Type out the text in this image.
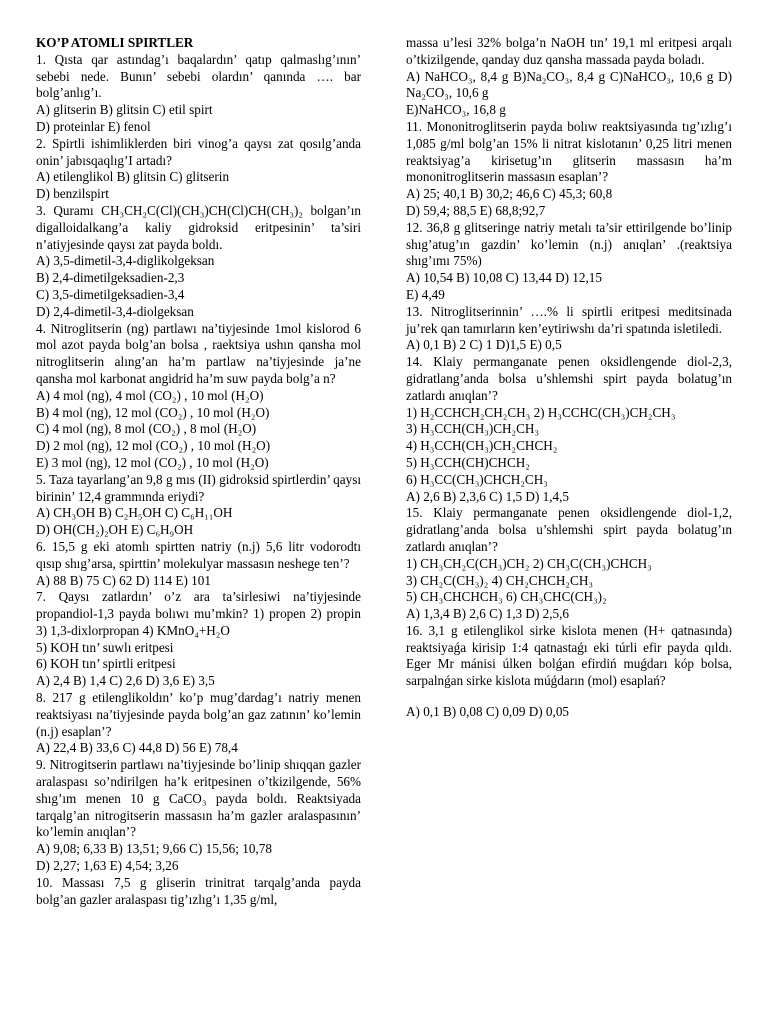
KO’P ATOMLI SPIRTLER
1. Qısta qar astındag’ı baqalardın’ qatıp qalmaslıg’ının’ sebebi nede. Bunın’ sebebi olardın’ qanında …. bar bolg’anlıg’ı.
A) glitserin B) glitsin C) etil spirt
D) proteinlar E) fenol
2. Spirtli ishimliklerden biri vinog’a qaysı zat qosılg’anda onin’ jabısqaqlıg’I artadı?
A) etilenglikol B) glitsin C) glitserin
D) benzilspirt
3. Quramı CH₃CH₂C(Cl)(CH₃)CH(Cl)CH(CH₃)₂ bolgan’ın digalloidalkang’a kaliy gidroksid eritpesinin’ ta’siri n’atiyjesinde qaysı zat payda boldı.
A) 3,5-dimetil-3,4-diglikolgeksan
B) 2,4-dimetilgeksadien-2,3
C) 3,5-dimetilgeksadien-3,4
D) 2,4-dimetil-3,4-diolgeksan
4. Nitroglitserin (ng) partlawı na’tiyjesinde 1mol kislorod 6 mol azot payda bolg’an bolsa , raektsiya ushın qansha mol nitroglitserin alıng’an ha’m partlaw na’tiyjesinde ja’ne qansha mol karbonat angidrid ha’m suw payda bolg’a n?
A) 4 mol (ng), 4 mol (CO₂) , 10 mol (H₂O)
B) 4 mol (ng), 12 mol (CO₂) , 10 mol (H₂O)
C) 4 mol (ng), 8 mol (CO₂) , 8 mol (H₂O)
D) 2 mol (ng), 12 mol (CO₂) , 10 mol (H₂O)
E) 3 mol (ng), 12 mol (CO₂) , 10 mol (H₂O)
5. Taza tayarlang’an 9,8 g mıs (II) gidroksid spirtlerdin’ qaysı birinin’ 12,4 grammında eriydi?
A) CH₃OH B) C₂H₅OH C) C₆H₁₁OH
D) OH(CH₂)₂OH E) C₆H₉OH
6. 15,5 g eki atomlı spirtten natriy (n.j) 5,6 litr vodorodtı qısıp shıg’arsa, spirttin’ molekulyar massasın neshege ten’?
A) 88 B) 75 C) 62 D) 114 E) 101
7. Qaysı zatlardın’ o’z ara ta’sirlesiwi na’tiyjesinde propandiol-1,3 payda bolıwı mu’mkin? 1) propen 2) propin 3) 1,3-dixlorpropan 4) KMnO₄+H₂O
5) KOH tın’ suwlı eritpesi
6) KOH tın’ spirtli eritpesi
A) 2,4 B) 1,4 C) 2,6 D) 3,6 E) 3,5
8. 217 g etilenglikoldın’ ko’p mug’dardag’ı natriy menen reaktsiyası na’tiyjesinde payda bolg’an gaz zatının’ ko’lemin (n.j) esaplan’?
A) 22,4 B) 33,6 C) 44,8 D) 56 E) 78,4
9. Nitrogitserin partlawı na’tiyjesinde bo’linip shıqqan gazler aralaspası so’ndirilgen ha’k eritpesinen o’tkizilgende, 56% shıg’ım menen 10 g CaCO₃ payda boldı. Reaktsiyada tarqalg’an nitrogitserin massasın ha’m gazler aralaspasının’ ko’lemin anıqlan’?
A) 9,08; 6,33 B) 13,51; 9,66 C) 15,56; 10,78
D) 2,27; 1,63 E) 4,54; 3,26
10. Massası 7,5 g gliserin trinitrat tarqalg’anda payda bolg’an gazler aralaspası tig’ızlıg’ı 1,35 g/ml,
massa u’lesi 32% bolga’n NaOH tın’ 19,1 ml eritpesi arqalı o’tkizilgende, qanday duz qansha massada payda boladı.
A) NaHCO₃, 8,4 g B)Na₂CO₃, 8,4 g C)NaHCO₃, 10,6 g D) Na₂CO₃, 10,6 g
E)NaHCO₃, 16,8 g
11. Mononitroglitserin payda bolıw reaktsiyasında tıg’ızlıg’ı 1,085 g/ml bolg’an 15% li nitrat kislotanın’ 0,25 litri menen reaktsiyag’a kirisetug’ın glitserin massasın ha’m mononitroglitserin massasın esaplan’?
A) 25; 40,1 B) 30,2; 46,6 C) 45,3; 60,8
D) 59,4; 88,5 E) 68,8;92,7
12. 36,8 g glitseringe natriy metalı ta’sir ettirilgende bo’linip shıg’atug’ın gazdin’ ko’lemin (n.j) anıqlan’ .(reaktsiya shıg’ımı 75%)
A) 10,54 B) 10,08 C) 13,44 D) 12,15
E) 4,49
13. Nitroglitserinnin’ ….% li spirtli eritpesi meditsinada ju’rek qan tamırların ken’eytiriwshı da’ri spatında isletiledi.
A) 0,1 B) 2 C) 1 D)1,5 E) 0,5
14. Klaiy permanganate penen oksidlengende diol-2,3, gidratlang’anda bolsa u’shlemshi spirt payda bolatug’ın zatlardı anıqlan’?
1) H₂CCHCH₂CH₂CH₃ 2) H₃CCHC(CH₃)CH₂CH₃
3) H₃CCH(CH₃)CH₂CH₃
4) H₃CCH(CH₃)CH₂CHCH₂
5) H₃CCH(CH)CHCH₂
6) H₃CC(CH₃)CHCH₂CH₃
A) 2,6 B) 2,3,6 C) 1,5 D) 1,4,5
15. Klaiy permanganate penen oksidlengende diol-1,2, gidratlang’anda bolsa u’shlemshi spirt payda bolatug’ın zatlardı anıqlan’?
1) CH₃CH₂C(CH₃)CH₂ 2) CH₃C(CH₃)CHCH₃
3) CH₂C(CH₃)₂ 4) CH₂CHCH₂CH₃
5) CH₃CHCHCH₃ 6) CH₃CHC(CH₃)₂
A) 1,3,4 B) 2,6 C) 1,3 D) 2,5,6
16. 3,1 g etilenglikol sirke kislota menen (H+ qatnasında) reaktsiyaǵa kirisip 1:4 qatnastaǵı eki túrli efir payda qıldı. Eger Mr mánisi úlken bolǵan efirdiń muǵdarı kóp bolsa, sarpalnǵan sirke kislota múǵdarın (mol) esaplań?
A) 0,1 B) 0,08 C) 0,09 D) 0,05
